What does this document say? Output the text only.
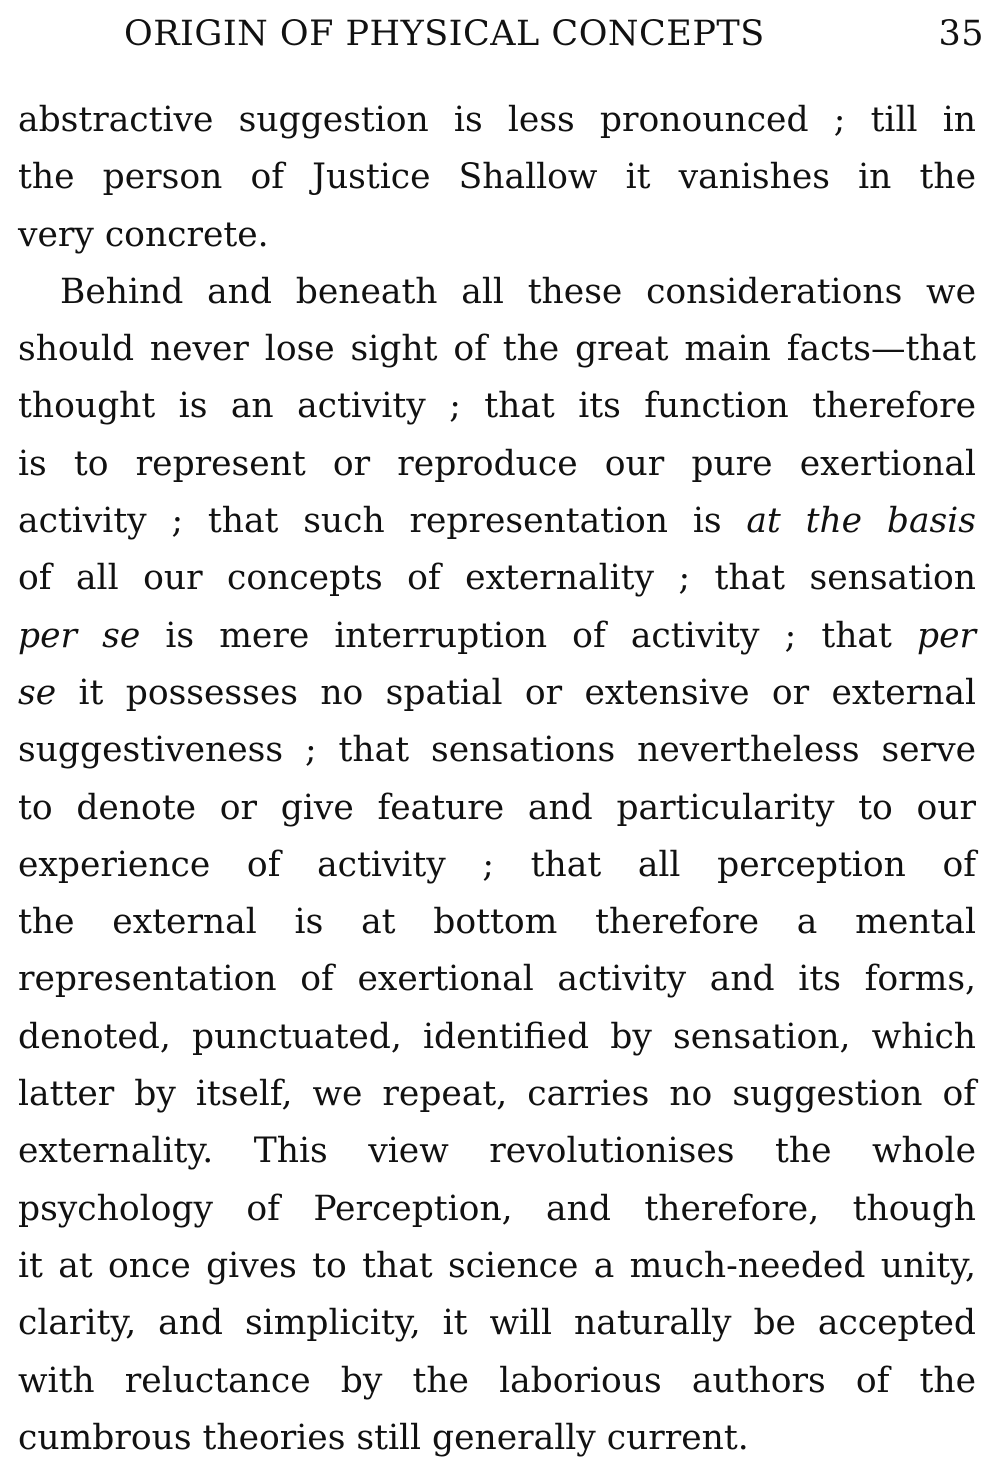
ORIGIN OF PHYSICAL CONCEPTS	35
abstractive suggestion is less pronounced ; till in
the person of Justice Shallow it vanishes in the
very concrete.
Behind and beneath all these considerations we
should never lose sight of the great main facts—that
thought is an activity ; that its function therefore
is to represent or reproduce our pure exertional
activity ; that such representation is at the basis
of all our concepts of externality ; that sensation
per se is mere interruption of activity ; that per
se it possesses no spatial or extensive or external
suggestiveness ; that sensations nevertheless serve
to denote or give feature and particularity to our
experience of activity ; that all perception of
the external is at bottom therefore a mental
representation of exertional activity and its forms,
denoted, punctuated, identified by sensation, which
latter by itself, we repeat, carries no suggestion of
externality. This view revolutionises the whole
psychology of Perception, and therefore, though
it at once gives to that science a much-needed unity,
clarity, and simplicity, it will naturally be accepted
with reluctance by the laborious authors of the
cumbrous theories still generally current.
